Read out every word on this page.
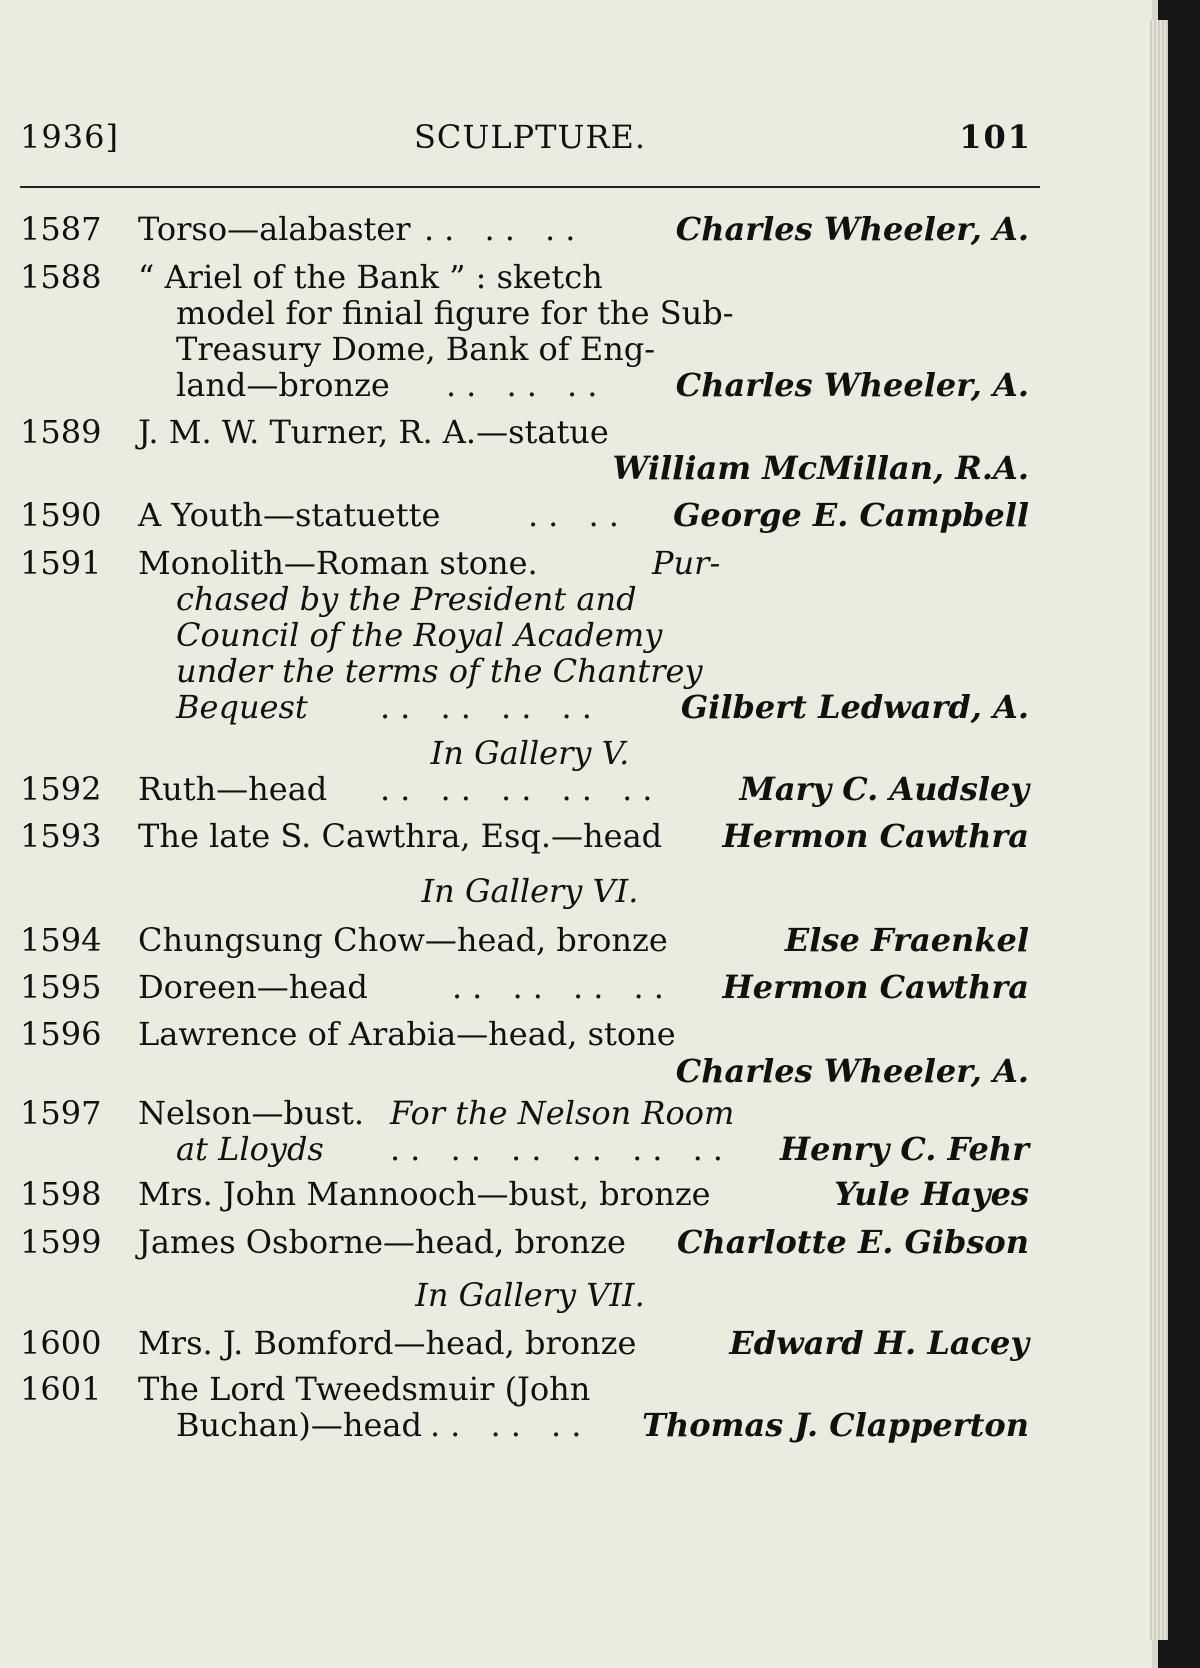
1936]	SCULPTURE.	101
1587 Torso—alabaster .. .. ..	Charles Wheeler, A.
1588 “ Ariel of the Bank ” : sketch
model for finial figure for the Sub-
Treasury Dome, Bank of Eng-
land—bronze .. .. .. Charles Wheeler, A.
1589 J. M. W. Turner, R. A.—statue
William McMillan, R.A.
1590 A Youth—statuette	.. .. George E. Campbell
1591 Monolith—Roman stone.	Pur-
chased by the President and
Council of the Royal Academy
under the terms of the Chantrey
Bequest .. .. .. .. Gilbert Ledward, A.
In Gallery V.
1592 Ruth—head .. .. .. .. .. Mary C. Audsley
1593 The late S. Cawthra, Esq.—head Hermon Cawthra
In Gallery VI.
1594 Chungsung Chow—head, bronze	Else Fraenkel
1595 Doreen—head	.. .. .. .. Hermon Cawthra
1596 Lawrence of Arabia—head, stone
Charles Wheeler, A.
1597 Nelson—bust. For the Nelson Room
at Lloyds .. .. .. .. .. .. Henry C. Fehr
1598 Mrs. John Mannooch—bust, bronze	Yule Hayes
1599 James Osborne—head, bronze Charlotte E. Gibson
In Gallery VII.
1600 Mrs. J. Bomford—head, bronze	Edward H. Lacey
1601 The Lord Tweedsmuir (John
Buchan)—head .. .. .. Thomas J. Clapperton
